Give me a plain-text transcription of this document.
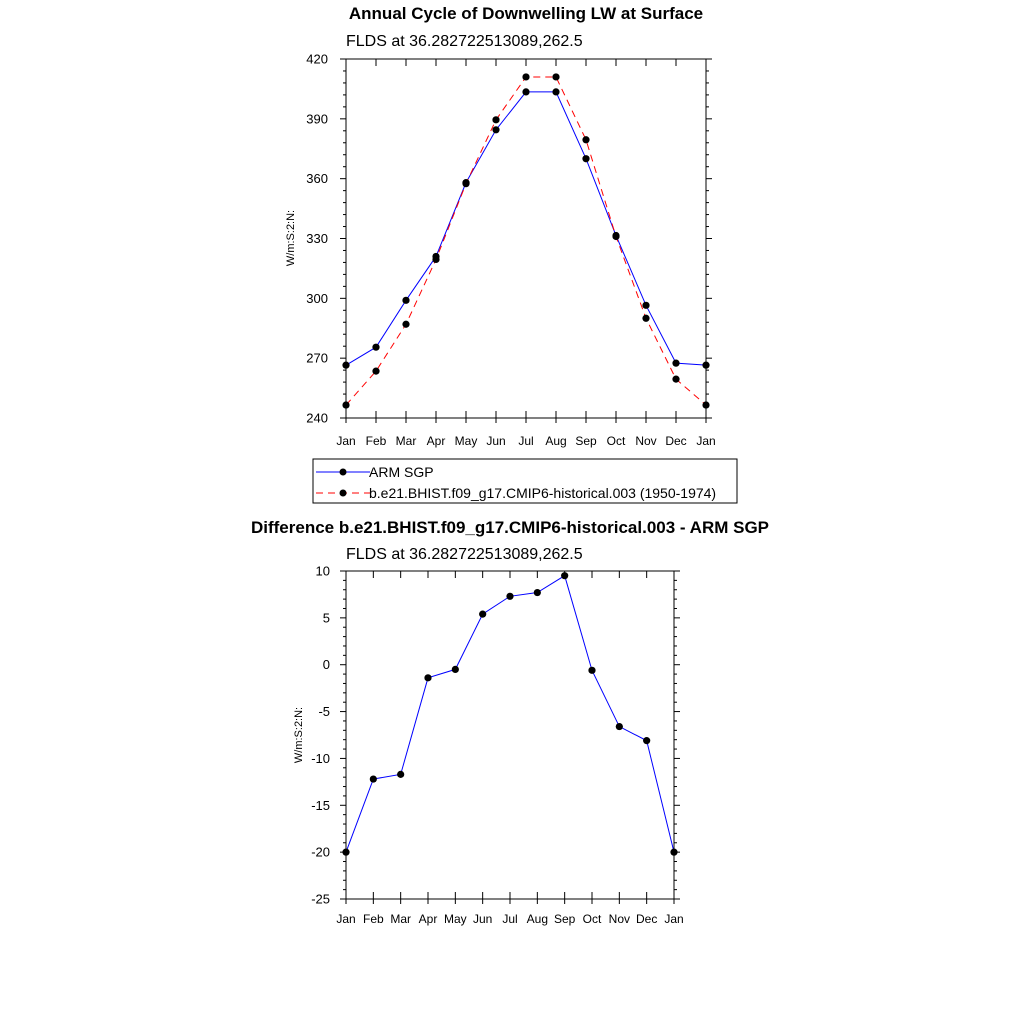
Annual Cycle of Downwelling LW at Surface
FLDS at 36.282722513089,262.5
W/m:S:2:N:
Jan Feb Mar Apr May Jun Jul Aug Sep Oct Nov Dec Jan
240
270
300
330
360
390
420
ARM SGP
b.e21.BHIST.f09_g17.CMIP6-historical.003 (1950-1974)
Difference b.e21.BHIST.f09_g17.CMIP6-historical.003 - ARM SGP
FLDS at 36.282722513089,262.5
W/m:S:2:N:
Jan Feb Mar Apr May Jun Jul Aug Sep Oct Nov Dec Jan
-25
-20
-15
-10
-5
0
5
10
